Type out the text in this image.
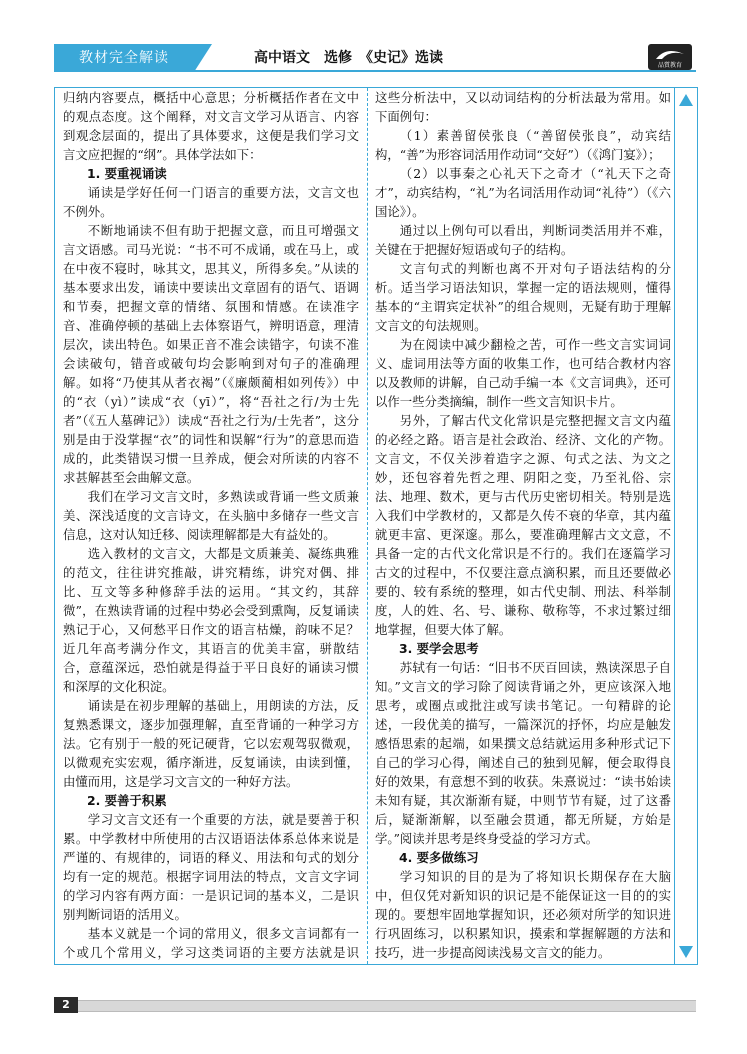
教材完全解读	高中语文　选修　《史记》选读	品質教育

归纳内容要点，概括中心意思；分析概括作者在文中的观点态度。这个阐释，对文言文学习从语言、内容到观念层面的，提出了具体要求，这便是我们学习文言文应把握的“纲”。具体学法如下：

1. 要重视诵读

诵读是学好任何一门语言的重要方法，文言文也不例外。

不断地诵读不但有助于把握文意，而且可增强文言文语感。司马光说：“书不可不成诵，或在马上，或在中夜不寝时，咏其文，思其义，所得多矣。”从读的基本要求出发，诵读中要读出文章固有的语气、语调和节奏，把握文章的情绪、氛围和情感。在读准字音、准确停顿的基础上去体察语气，辨明语意，理清层次，读出特色。如果正音不准会读错字，句读不准会读破句，错音或破句均会影响到对句子的准确理解。如将“乃使其从者衣褐”（《廉颇蔺相如列传》）中的“衣（yì）”读成“衣（yī）”，将“吾社之行/为士先者”（《五人墓碑记》）读成“吾社之行为/士先者”，这分别是由于没掌握“衣”的词性和误解“行为”的意思而造成的，此类错误习惯一旦养成，便会对所读的内容不求甚解甚至会曲解文意。

我们在学习文言文时，多熟读或背诵一些文质兼美、深浅适度的文言诗文，在头脑中多储存一些文言信息，这对认知迁移、阅读理解都是大有益处的。

选入教材的文言文，大都是文质兼美、凝练典雅的范文，往往讲究推敲，讲究精练，讲究对偶、排比、互文等多种修辞手法的运用。“其文约，其辞微”，在熟读背诵的过程中势必会受到熏陶，反复诵读熟记于心，又何愁平日作文的语言枯燥，韵味不足？近几年高考满分作文，其语言的优美丰富，骈散结合，意蕴深远，恐怕就是得益于平日良好的诵读习惯和深厚的文化积淀。

诵读是在初步理解的基础上，用朗读的方法，反复熟悉课文，逐步加强理解，直至背诵的一种学习方法。它有别于一般的死记硬背，它以宏观驾驭微观，以微观充实宏观，循序渐进，反复诵读，由读到懂，由懂而用，这是学习文言文的一种好方法。

2. 要善于积累

学习文言文还有一个重要的方法，就是要善于积累。中学教材中所使用的古汉语语法体系总体来说是严谨的、有规律的，词语的释义、用法和句式的划分均有一定的规范。根据字词用法的特点，文言文字词的学习内容有两方面：一是识记词的基本义，二是识别判断词语的活用义。

基本义就是一个词的常用义，很多文言词都有一个或几个常用义，学习这类词语的主要方法就是识

这些分析法中，又以动词结构的分析法最为常用。如下面例句：

（1）素善留侯张良（“善留侯张良”，动宾结构，“善”为形容词活用作动词“交好”）（《鸿门宴》）；

（2）以事秦之心礼天下之奇才（“礼天下之奇才”，动宾结构，“礼”为名词活用作动词“礼待”）（《六国论》）。

通过以上例句可以看出，判断词类活用并不难，关键在于把握好短语或句子的结构。

文言句式的判断也离不开对句子语法结构的分析。适当学习语法知识，掌握一定的语法规则，懂得基本的“主谓宾定状补”的组合规则，无疑有助于理解文言文的句法规则。

为在阅读中减少翻检之苦，可作一些文言实词词义、虚词用法等方面的收集工作，也可结合教材内容以及教师的讲解，自己动手编一本《文言词典》，还可以作一些分类摘编，制作一些文言知识卡片。

另外，了解古代文化常识是完整把握文言文内蕴的必经之路。语言是社会政治、经济、文化的产物。文言文，不仅关涉着造字之源、句式之法、为文之妙，还包容着先哲之理、阴阳之变，乃至礼俗、宗法、地理、数术，更与古代历史密切相关。特别是选入我们中学教材的，又都是久传不衰的华章，其内蕴就更丰富、更深邃。那么，要准确理解古文文意，不具备一定的古代文化常识是不行的。我们在逐篇学习古文的过程中，不仅要注意点滴积累，而且还要做必要的、较有系统的整理，如古代史制、刑法、科举制度，人的姓、名、号、谦称、敬称等，不求过繁过细地掌握，但要大体了解。

3. 要学会思考

苏轼有一句话：“旧书不厌百回读，熟读深思子自知。”文言文的学习除了阅读背诵之外，更应该深入地思考，或圈点或批注或写读书笔记。一句精辟的论述，一段优美的描写，一篇深沉的抒怀，均应是触发感悟思索的起端，如果撰文总结就运用多种形式记下自己的学习心得，阐述自己的独到见解，便会取得良好的效果，有意想不到的收获。朱熹说过：“读书始读未知有疑，其次渐渐有疑，中则节节有疑，过了这番后，疑渐渐解，以至融会贯通，都无所疑，方始是学。”阅读并思考是终身受益的学习方式。

4. 要多做练习

学习知识的目的是为了将知识长期保存在大脑中，但仅凭对新知识的识记是不能保证这一目的的实现的。要想牢固地掌握知识，还必须对所学的知识进行巩固练习，以积累知识，摸索和掌握解题的方法和技巧，进一步提高阅读浅易文言文的能力。

2
